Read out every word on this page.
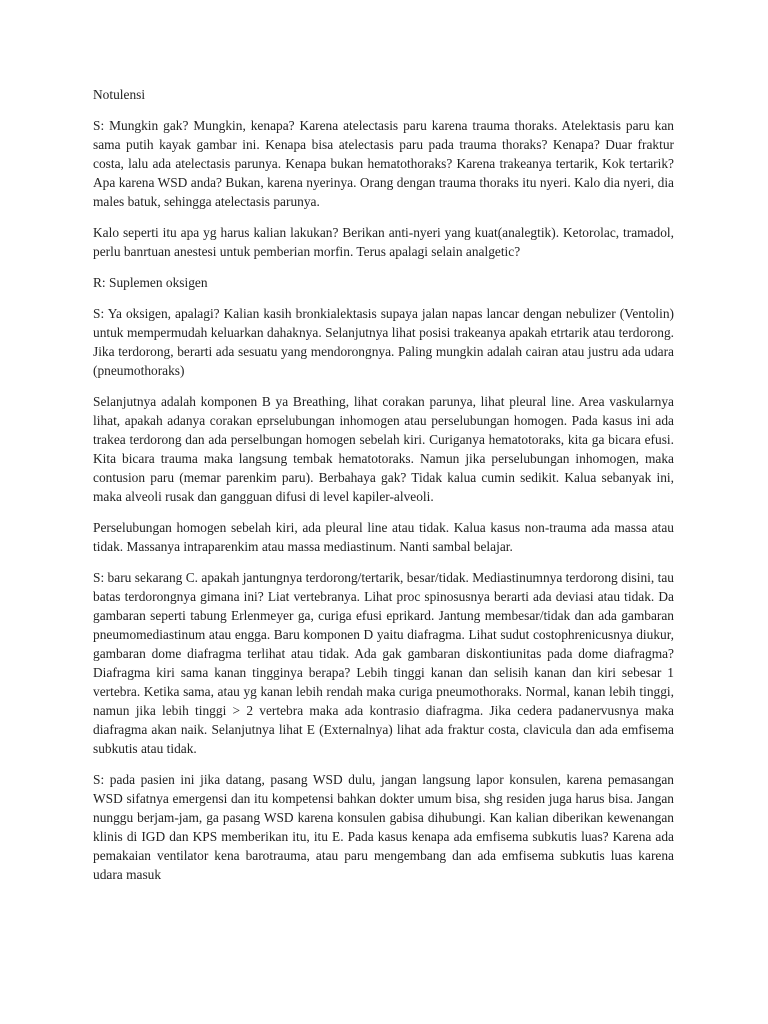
Notulensi

S: Mungkin gak? Mungkin, kenapa? Karena atelectasis paru karena trauma thoraks. Atelektasis paru kan sama putih kayak gambar ini. Kenapa bisa atelectasis paru pada trauma thoraks? Kenapa? Duar fraktur costa, lalu ada atelectasis parunya. Kenapa bukan hematothoraks? Karena trakeanya tertarik, Kok tertarik? Apa karena WSD anda? Bukan, karena nyerinya. Orang dengan trauma thoraks itu nyeri. Kalo dia nyeri, dia males batuk, sehingga atelectasis parunya.

Kalo seperti itu apa yg harus kalian lakukan? Berikan anti-nyeri yang kuat(analegtik). Ketorolac, tramadol, perlu banrtuan anestesi untuk pemberian morfin. Terus apalagi selain analgetic?

R: Suplemen oksigen

S: Ya oksigen, apalagi? Kalian kasih bronkialektasis supaya jalan napas lancar dengan nebulizer (Ventolin) untuk mempermudah keluarkan dahaknya. Selanjutnya lihat posisi trakeanya apakah etrtarik atau terdorong. Jika terdorong, berarti ada sesuatu yang mendorongnya. Paling mungkin adalah cairan atau justru ada udara (pneumothoraks)

Selanjutnya adalah komponen B ya Breathing, lihat corakan parunya, lihat pleural line. Area vaskularnya lihat, apakah adanya corakan eprselubungan inhomogen atau perselubungan homogen. Pada kasus ini ada trakea terdorong dan ada perselbungan homogen sebelah kiri. Curiganya hematotoraks, kita ga bicara efusi. Kita bicara trauma maka langsung tembak hematotoraks. Namun jika perselubungan inhomogen, maka contusion paru (memar parenkim paru). Berbahaya gak? Tidak kalua cumin sedikit. Kalua sebanyak ini, maka alveoli rusak dan gangguan difusi di level kapiler-alveoli.

Perselubungan homogen sebelah kiri, ada pleural line atau tidak. Kalua kasus non-trauma ada massa atau tidak. Massanya intraparenkim atau massa mediastinum. Nanti sambal belajar.

S: baru sekarang C. apakah jantungnya terdorong/tertarik, besar/tidak. Mediastinumnya terdorong disini, tau batas terdorongnya gimana ini? Liat vertebranya. Lihat proc spinosusnya berarti ada deviasi atau tidak. Da gambaran seperti tabung Erlenmeyer ga, curiga efusi eprikard. Jantung membesar/tidak dan ada gambaran pneumomediastinum atau engga. Baru komponen D yaitu diafragma. Lihat sudut costophrenicusnya diukur, gambaran dome diafragma terlihat atau tidak. Ada gak gambaran diskontiunitas pada dome diafragma? Diafragma kiri sama kanan tingginya berapa? Lebih tinggi kanan dan selisih kanan dan kiri sebesar 1 vertebra. Ketika sama, atau yg kanan lebih rendah maka curiga pneumothoraks. Normal, kanan lebih tinggi, namun jika lebih tinggi > 2 vertebra maka ada kontrasio diafragma. Jika cedera padanervusnya maka diafragma akan naik. Selanjutnya lihat E (Externalnya) lihat ada fraktur costa, clavicula dan ada emfisema subkutis atau tidak.

S: pada pasien ini jika datang, pasang WSD dulu, jangan langsung lapor konsulen, karena pemasangan WSD sifatnya emergensi dan itu kompetensi bahkan dokter umum bisa, shg residen juga harus bisa. Jangan nunggu berjam-jam, ga pasang WSD karena konsulen gabisa dihubungi. Kan kalian diberikan kewenangan klinis di IGD dan KPS memberikan itu, itu E. Pada kasus kenapa ada emfisema subkutis luas? Karena ada pemakaian ventilator kena barotrauma, atau paru mengembang dan ada emfisema subkutis luas karena udara masuk
